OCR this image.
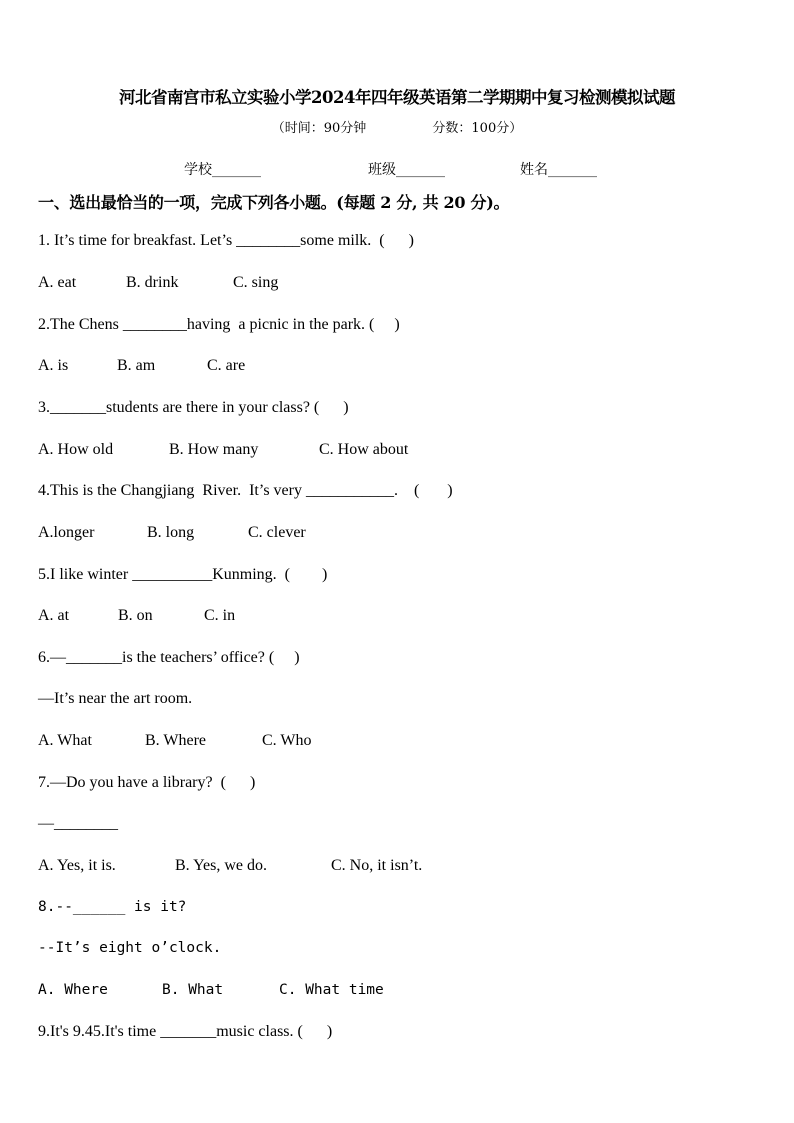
河北省南宫市私立实验小学2024年四年级英语第二学期期中复习检测模拟试题
（时间：90分钟                分数：100分）
学校_______	班级_______	姓名_______
一、选出最恰当的一项，完成下列各小题。(每题 2 分, 共 20 分)。
1. It’s time for breakfast. Let’s ________some milk.  (      )
A. eat	B. drink	C. sing
2.The Chens ________having  a picnic in the park. (     )
A. is	B. am	C. are
3._______students are there in your class? (      )
A. How old	B. How many	C. How about
4.This is the Changjiang  River.  It’s very ___________.    (       )
A.longer	B. long	C. clever
5.I like winter __________Kunming.  (        )
A. at	B. on	C. in
6.—_______is the teachers’ office? (     )
—It’s near the art room.
A. What	B. Where	C. Who
7.—Do you have a library?  (      )
—________
A. Yes, it is.	B. Yes, we do.	C. No, it isn’t.
8.--______ is it?
--It’s eight o’clock.
A. Where	B. What	C. What time
9.It's 9.45.It's time _______music class. (      )
